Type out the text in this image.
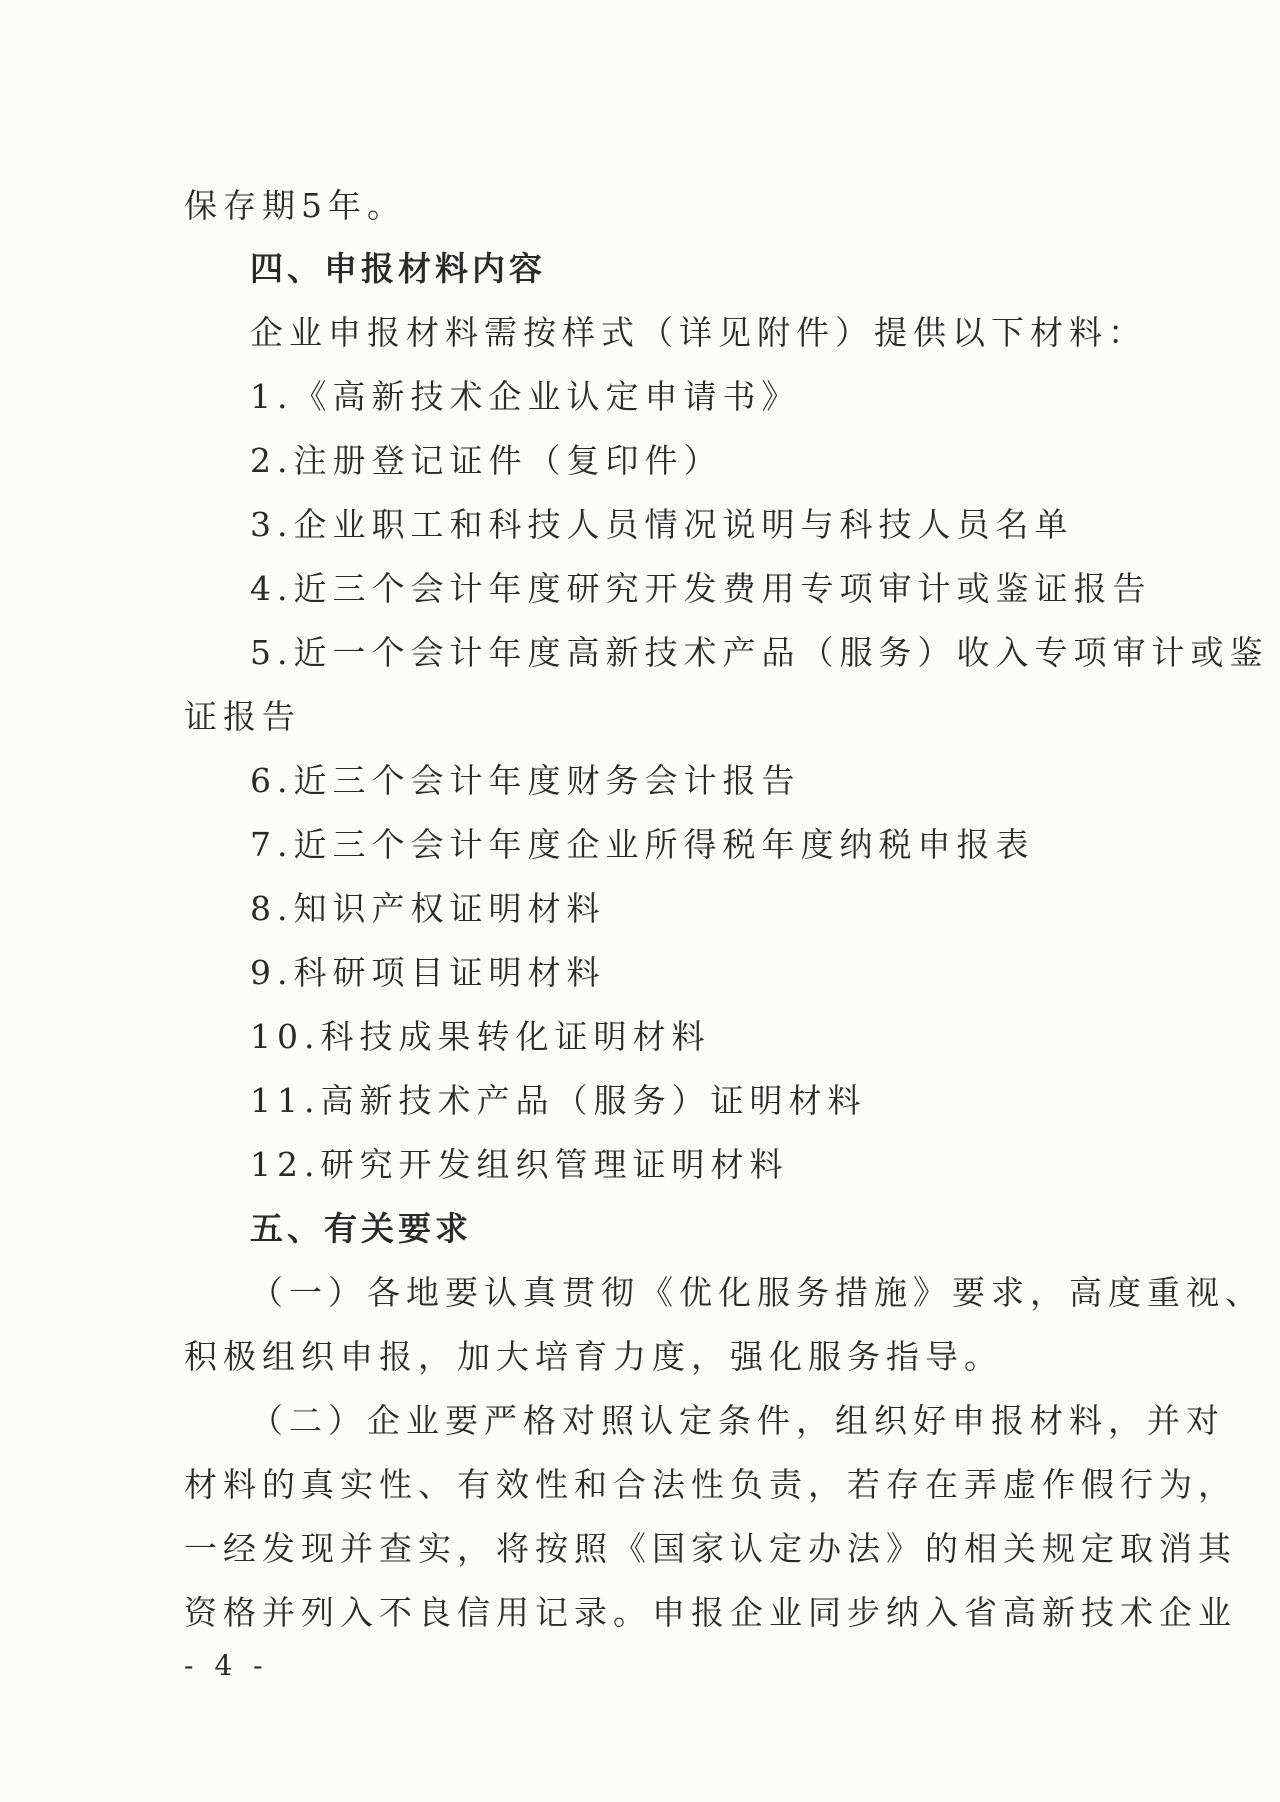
保存期5年。
四、申报材料内容
企业申报材料需按样式（详见附件）提供以下材料：
1.《高新技术企业认定申请书》
2.注册登记证件（复印件）
3.企业职工和科技人员情况说明与科技人员名单
4.近三个会计年度研究开发费用专项审计或鉴证报告
5.近一个会计年度高新技术产品（服务）收入专项审计或鉴
证报告
6.近三个会计年度财务会计报告
7.近三个会计年度企业所得税年度纳税申报表
8.知识产权证明材料
9.科研项目证明材料
10.科技成果转化证明材料
11.高新技术产品（服务）证明材料
12.研究开发组织管理证明材料
五、有关要求
（一）各地要认真贯彻《优化服务措施》要求，高度重视、
积极组织申报，加大培育力度，强化服务指导。
（二）企业要严格对照认定条件，组织好申报材料，并对
材料的真实性、有效性和合法性负责，若存在弄虚作假行为，
一经发现并查实，将按照《国家认定办法》的相关规定取消其
资格并列入不良信用记录。申报企业同步纳入省高新技术企业
- 4 -
